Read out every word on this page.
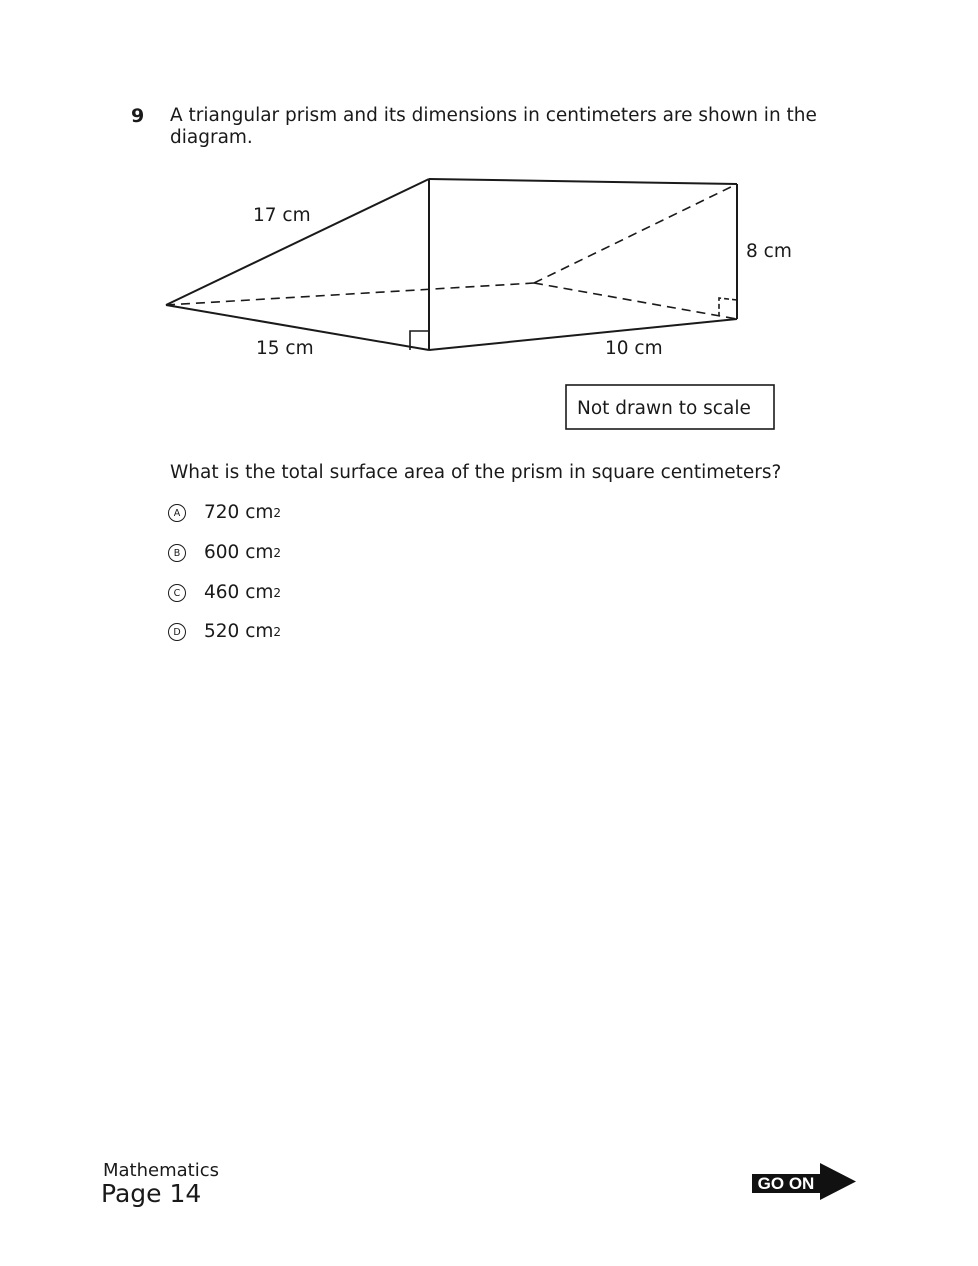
9 A triangular prism and its dimensions in centimeters are shown in the diagram.
17 cm
8 cm
15 cm	10 cm
Not drawn to scale
What is the total surface area of the prism in square centimeters?
A	720 cm 2
B	600 cm 2
C	460 cm 2
D 520 cm 2
Mathematics
Page 14	GO ON
